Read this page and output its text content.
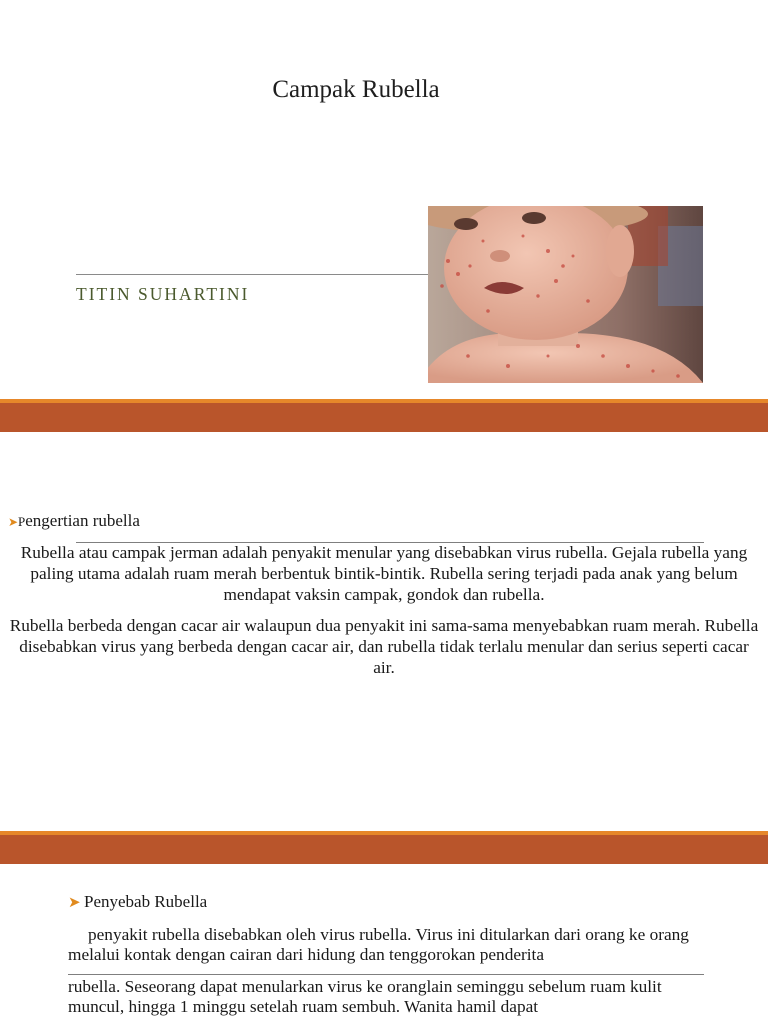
Campak Rubella
TITIN SUHARTINI
➤Pengertian rubella

Rubella atau campak jerman adalah penyakit menular yang disebabkan virus rubella. Gejala rubella yang paling utama adalah ruam merah berbentuk bintik-bintik. Rubella sering terjadi pada anak yang belum mendapat vaksin campak, gondok dan rubella.

Rubella berbeda dengan cacar air walaupun dua penyakit ini sama-sama menyebabkan ruam merah. Rubella disebabkan virus yang berbeda dengan cacar air, dan rubella tidak terlalu menular dan serius seperti cacar air.

➤ Penyebab Rubella

penyakit rubella disebabkan oleh virus rubella. Virus ini ditularkan dari orang ke orang melalui kontak dengan cairan dari hidung dan tenggorokan penderita

rubella. Seseorang dapat menularkan virus ke oranglain seminggu sebelum ruam kulit muncul, hingga 1 minggu setelah ruam sembuh. Wanita hamil dapat
